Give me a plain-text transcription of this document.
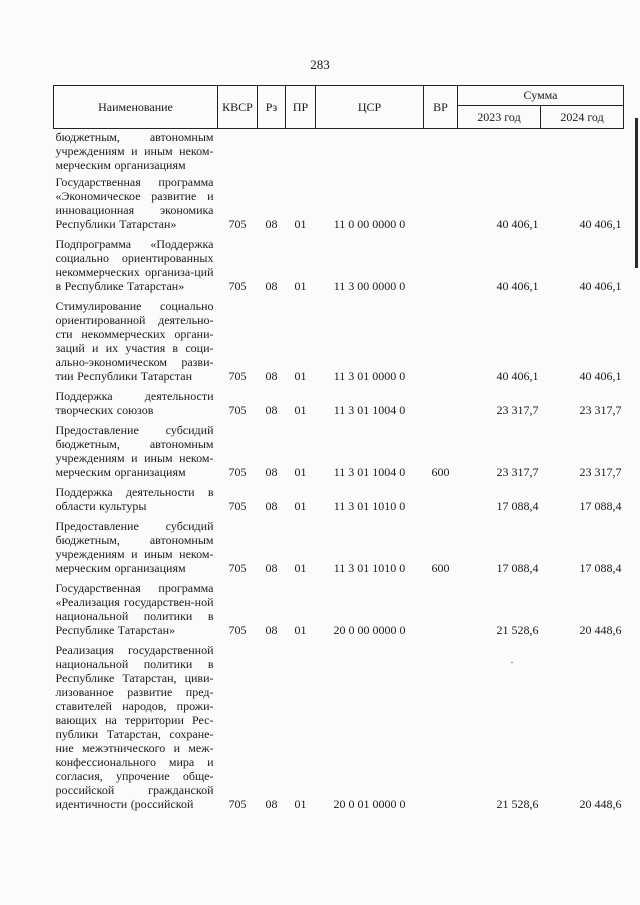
283
Наименование	КВСР	Рз	ПР	ЦСР	ВР	Сумма	
						2023 год	2024 год
бюджетным, автономным учреждениям и иным неком-мерческим организациям							
Государственная программа «Экономическое развитие и инновационная экономика Республики Татарстан»	705	08	01	11 0 00 0000 0		40 406,1	40 406,1
Подпрограмма «Поддержка социально ориентированных некоммерческих организа-ций в Республике Татарстан»	705	08	01	11 3 00 0000 0		40 406,1	40 406,1
Стимулирование социально ориентированной деятельно-сти некоммерческих органи-заций и их участия в соци-ально-экономическом разви-тии Республики Татарстан	705	08	01	11 3 01 0000 0		40 406,1	40 406,1
Поддержка деятельности творческих союзов	705	08	01	11 3 01 1004 0		23 317,7	23 317,7
Предоставление субсидий бюджетным, автономным учреждениям и иным неком-мерческим организациям	705	08	01	11 3 01 1004 0	600	23 317,7	23 317,7
Поддержка деятельности в области культуры	705	08	01	11 3 01 1010 0		17 088,4	17 088,4
Предоставление субсидий бюджетным, автономным учреждениям и иным неком-мерческим организациям	705	08	01	11 3 01 1010 0	600	17 088,4	17 088,4
Государственная программа «Реализация государствен-ной национальной политики в Республике Татарстан»	705	08	01	20 0 00 0000 0		21 528,6	20 448,6
Реализация государственной национальной политики в Республике Татарстан, циви-лизованное развитие пред-ставителей народов, прожи-вающих на территории Рес-публики Татарстан, сохране-ние межэтнического и меж-конфессионального мира и согласия, упрочение обще-российской гражданской идентичности (российской	705	08	01	20 0 01 0000 0		21 528,6	20 448,6
